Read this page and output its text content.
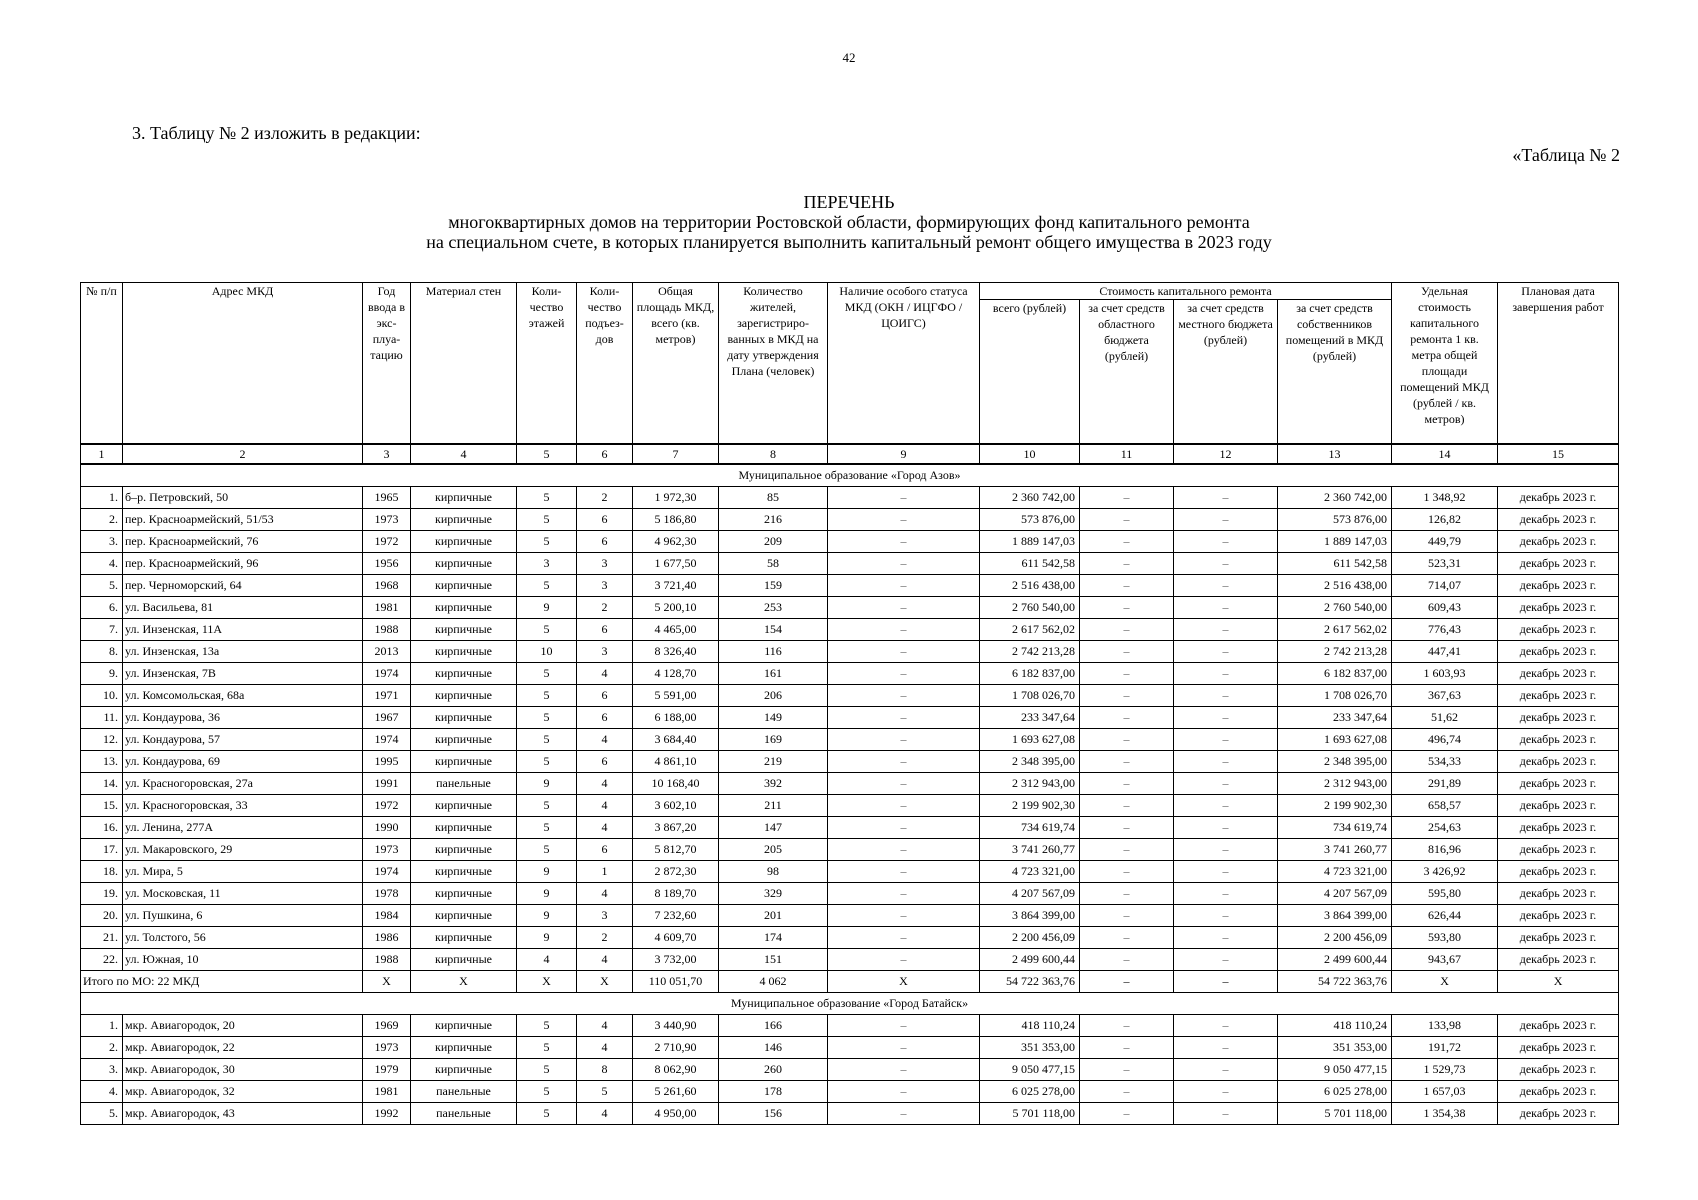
42
3. Таблицу № 2 изложить в редакции:
«Таблица № 2
ПЕРЕЧЕНЬ
многоквартирных домов на территории Ростовской области, формирующих фонд капитального ремонта
на специальном счете, в которых планируется выполнить капитальный ремонт общего имущества в 2023 году
№ п/п	Адрес МКД	Год ввода в экс-плуа-тацию	Материал стен	Коли-чество этажей	Коли-чество подъез-дов	Общая площадь МКД, всего (кв. метров)	Количество жителей, зарегистриро-ванных в МКД на дату утверждения Плана (человек)	Наличие особого статуса МКД (ОКН / ИЦГФО / ЦОИГС)	Стоимость капитального ремонта				Удельная стоимость капитального ремонта 1 кв. метра общей площади помещений МКД (рублей / кв. метров)	Плановая дата завершения работ
									всего (рублей)	за счет средств областного бюджета (рублей)	за счет средств местного бюджета (рублей)	за счет средств собственников помещений в МКД (рублей)		
1	2	3	4	5	6	7	8	9	10	11	12	13	14	15
Муниципальное образование «Город Азов»														
1.	б–р. Петровский, 50	1965	кирпичные	5	2	1 972,30	85	–	2 360 742,00	–	–	2 360 742,00	1 348,92	декабрь 2023 г.
2.	пер. Красноармейский, 51/53	1973	кирпичные	5	6	5 186,80	216	–	573 876,00	–	–	573 876,00	126,82	декабрь 2023 г.
3.	пер. Красноармейский, 76	1972	кирпичные	5	6	4 962,30	209	–	1 889 147,03	–	–	1 889 147,03	449,79	декабрь 2023 г.
4.	пер. Красноармейский, 96	1956	кирпичные	3	3	1 677,50	58	–	611 542,58	–	–	611 542,58	523,31	декабрь 2023 г.
5.	пер. Черноморский, 64	1968	кирпичные	5	3	3 721,40	159	–	2 516 438,00	–	–	2 516 438,00	714,07	декабрь 2023 г.
6.	ул. Васильева, 81	1981	кирпичные	9	2	5 200,10	253	–	2 760 540,00	–	–	2 760 540,00	609,43	декабрь 2023 г.
7.	ул. Инзенская, 11А	1988	кирпичные	5	6	4 465,00	154	–	2 617 562,02	–	–	2 617 562,02	776,43	декабрь 2023 г.
8.	ул. Инзенская, 13а	2013	кирпичные	10	3	8 326,40	116	–	2 742 213,28	–	–	2 742 213,28	447,41	декабрь 2023 г.
9.	ул. Инзенская, 7В	1974	кирпичные	5	4	4 128,70	161	–	6 182 837,00	–	–	6 182 837,00	1 603,93	декабрь 2023 г.
10.	ул. Комсомольская, 68а	1971	кирпичные	5	6	5 591,00	206	–	1 708 026,70	–	–	1 708 026,70	367,63	декабрь 2023 г.
11.	ул. Кондаурова, 36	1967	кирпичные	5	6	6 188,00	149	–	233 347,64	–	–	233 347,64	51,62	декабрь 2023 г.
12.	ул. Кондаурова, 57	1974	кирпичные	5	4	3 684,40	169	–	1 693 627,08	–	–	1 693 627,08	496,74	декабрь 2023 г.
13.	ул. Кондаурова, 69	1995	кирпичные	5	6	4 861,10	219	–	2 348 395,00	–	–	2 348 395,00	534,33	декабрь 2023 г.
14.	ул. Красногоровская, 27а	1991	панельные	9	4	10 168,40	392	–	2 312 943,00	–	–	2 312 943,00	291,89	декабрь 2023 г.
15.	ул. Красногоровская, 33	1972	кирпичные	5	4	3 602,10	211	–	2 199 902,30	–	–	2 199 902,30	658,57	декабрь 2023 г.
16.	ул. Ленина, 277А	1990	кирпичные	5	4	3 867,20	147	–	734 619,74	–	–	734 619,74	254,63	декабрь 2023 г.
17.	ул. Макаровского, 29	1973	кирпичные	5	6	5 812,70	205	–	3 741 260,77	–	–	3 741 260,77	816,96	декабрь 2023 г.
18.	ул. Мира, 5	1974	кирпичные	9	1	2 872,30	98	–	4 723 321,00	–	–	4 723 321,00	3 426,92	декабрь 2023 г.
19.	ул. Московская, 11	1978	кирпичные	9	4	8 189,70	329	–	4 207 567,09	–	–	4 207 567,09	595,80	декабрь 2023 г.
20.	ул. Пушкина, 6	1984	кирпичные	9	3	7 232,60	201	–	3 864 399,00	–	–	3 864 399,00	626,44	декабрь 2023 г.
21.	ул. Толстого, 56	1986	кирпичные	9	2	4 609,70	174	–	2 200 456,09	–	–	2 200 456,09	593,80	декабрь 2023 г.
22.	ул. Южная, 10	1988	кирпичные	4	4	3 732,00	151	–	2 499 600,44	–	–	2 499 600,44	943,67	декабрь 2023 г.
Итого по МО: 22 МКД		X	X	X	X	110 051,70	4 062	X	54 722 363,76	–	–	54 722 363,76	X	X
Муниципальное образование «Город Батайск»														
1.	мкр. Авиагородок, 20	1969	кирпичные	5	4	3 440,90	166	–	418 110,24	–	–	418 110,24	133,98	декабрь 2023 г.
2.	мкр. Авиагородок, 22	1973	кирпичные	5	4	2 710,90	146	–	351 353,00	–	–	351 353,00	191,72	декабрь 2023 г.
3.	мкр. Авиагородок, 30	1979	кирпичные	5	8	8 062,90	260	–	9 050 477,15	–	–	9 050 477,15	1 529,73	декабрь 2023 г.
4.	мкр. Авиагородок, 32	1981	панельные	5	5	5 261,60	178	–	6 025 278,00	–	–	6 025 278,00	1 657,03	декабрь 2023 г.
5.	мкр. Авиагородок, 43	1992	панельные	5	4	4 950,00	156	–	5 701 118,00	–	–	5 701 118,00	1 354,38	декабрь 2023 г.
